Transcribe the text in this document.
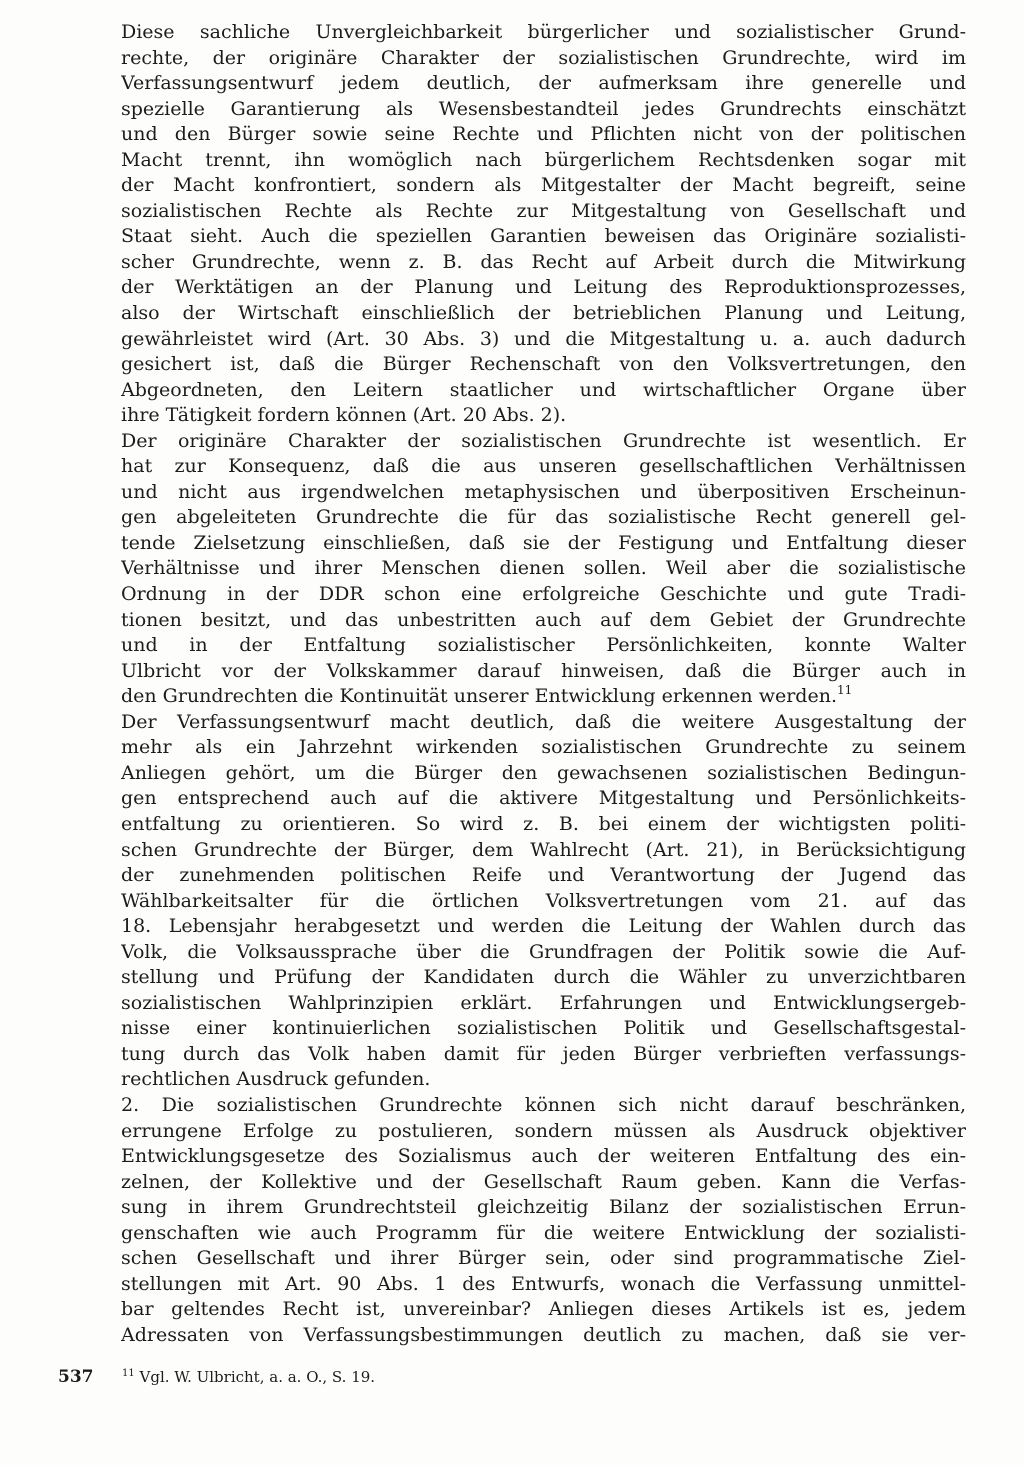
Diese sachliche Unvergleichbarkeit bürgerlicher und sozialistischer Grund-
rechte, der originäre Charakter der sozialistischen Grundrechte, wird im
Verfassungsentwurf jedem deutlich, der aufmerksam ihre generelle und
spezielle Garantierung als Wesensbestandteil jedes Grundrechts einschätzt
und den Bürger sowie seine Rechte und Pflichten nicht von der politischen
Macht trennt, ihn womöglich nach bürgerlichem Rechtsdenken sogar mit
der Macht konfrontiert, sondern als Mitgestalter der Macht begreift, seine
sozialistischen Rechte als Rechte zur Mitgestaltung von Gesellschaft und
Staat sieht. Auch die speziellen Garantien beweisen das Originäre sozialisti-
scher Grundrechte, wenn z. B. das Recht auf Arbeit durch die Mitwirkung
der Werktätigen an der Planung und Leitung des Reproduktionsprozesses,
also der Wirtschaft einschließlich der betrieblichen Planung und Leitung,
gewährleistet wird (Art. 30 Abs. 3) und die Mitgestaltung u. a. auch dadurch
gesichert ist, daß die Bürger Rechenschaft von den Volksvertretungen, den
Abgeordneten, den Leitern staatlicher und wirtschaftlicher Organe über
ihre Tätigkeit fordern können (Art. 20 Abs. 2).
Der originäre Charakter der sozialistischen Grundrechte ist wesentlich. Er
hat zur Konsequenz, daß die aus unseren gesellschaftlichen Verhältnissen
und nicht aus irgendwelchen metaphysischen und überpositiven Erscheinun-
gen abgeleiteten Grundrechte die für das sozialistische Recht generell gel-
tende Zielsetzung einschließen, daß sie der Festigung und Entfaltung dieser
Verhältnisse und ihrer Menschen dienen sollen. Weil aber die sozialistische
Ordnung in der DDR schon eine erfolgreiche Geschichte und gute Tradi-
tionen besitzt, und das unbestritten auch auf dem Gebiet der Grundrechte
und in der Entfaltung sozialistischer Persönlichkeiten, konnte Walter
Ulbricht vor der Volkskammer darauf hinweisen, daß die Bürger auch in
den Grundrechten die Kontinuität unserer Entwicklung erkennen werden.$^{11}$
Der Verfassungsentwurf macht deutlich, daß die weitere Ausgestaltung der
mehr als ein Jahrzehnt wirkenden sozialistischen Grundrechte zu seinem
Anliegen gehört, um die Bürger den gewachsenen sozialistischen Bedingun-
gen entsprechend auch auf die aktivere Mitgestaltung und Persönlichkeits-
entfaltung zu orientieren. So wird z. B. bei einem der wichtigsten politi-
schen Grundrechte der Bürger, dem Wahlrecht (Art. 21), in Berücksichtigung
der zunehmenden politischen Reife und Verantwortung der Jugend das
Wählbarkeitsalter für die örtlichen Volksvertretungen vom 21. auf das
18. Lebensjahr herabgesetzt und werden die Leitung der Wahlen durch das
Volk, die Volksaussprache über die Grundfragen der Politik sowie die Auf-
stellung und Prüfung der Kandidaten durch die Wähler zu unverzichtbaren
sozialistischen Wahlprinzipien erklärt. Erfahrungen und Entwicklungsergeb-
nisse einer kontinuierlichen sozialistischen Politik und Gesellschaftsgestal-
tung durch das Volk haben damit für jeden Bürger verbrieften verfassungs-
rechtlichen Ausdruck gefunden.
2. Die sozialistischen Grundrechte können sich nicht darauf beschränken,
errungene Erfolge zu postulieren, sondern müssen als Ausdruck objektiver
Entwicklungsgesetze des Sozialismus auch der weiteren Entfaltung des ein-
zelnen, der Kollektive und der Gesellschaft Raum geben. Kann die Verfas-
sung in ihrem Grundrechtsteil gleichzeitig Bilanz der sozialistischen Errun-
genschaften wie auch Programm für die weitere Entwicklung der sozialisti-
schen Gesellschaft und ihrer Bürger sein, oder sind programmatische Ziel-
stellungen mit Art. 90 Abs. 1 des Entwurfs, wonach die Verfassung unmittel-
bar geltendes Recht ist, unvereinbar? Anliegen dieses Artikels ist es, jedem
Adressaten von Verfassungsbestimmungen deutlich zu machen, daß sie ver-
537	$^{11}$ Vgl. W. Ulbricht, a. a. O., S. 19.
